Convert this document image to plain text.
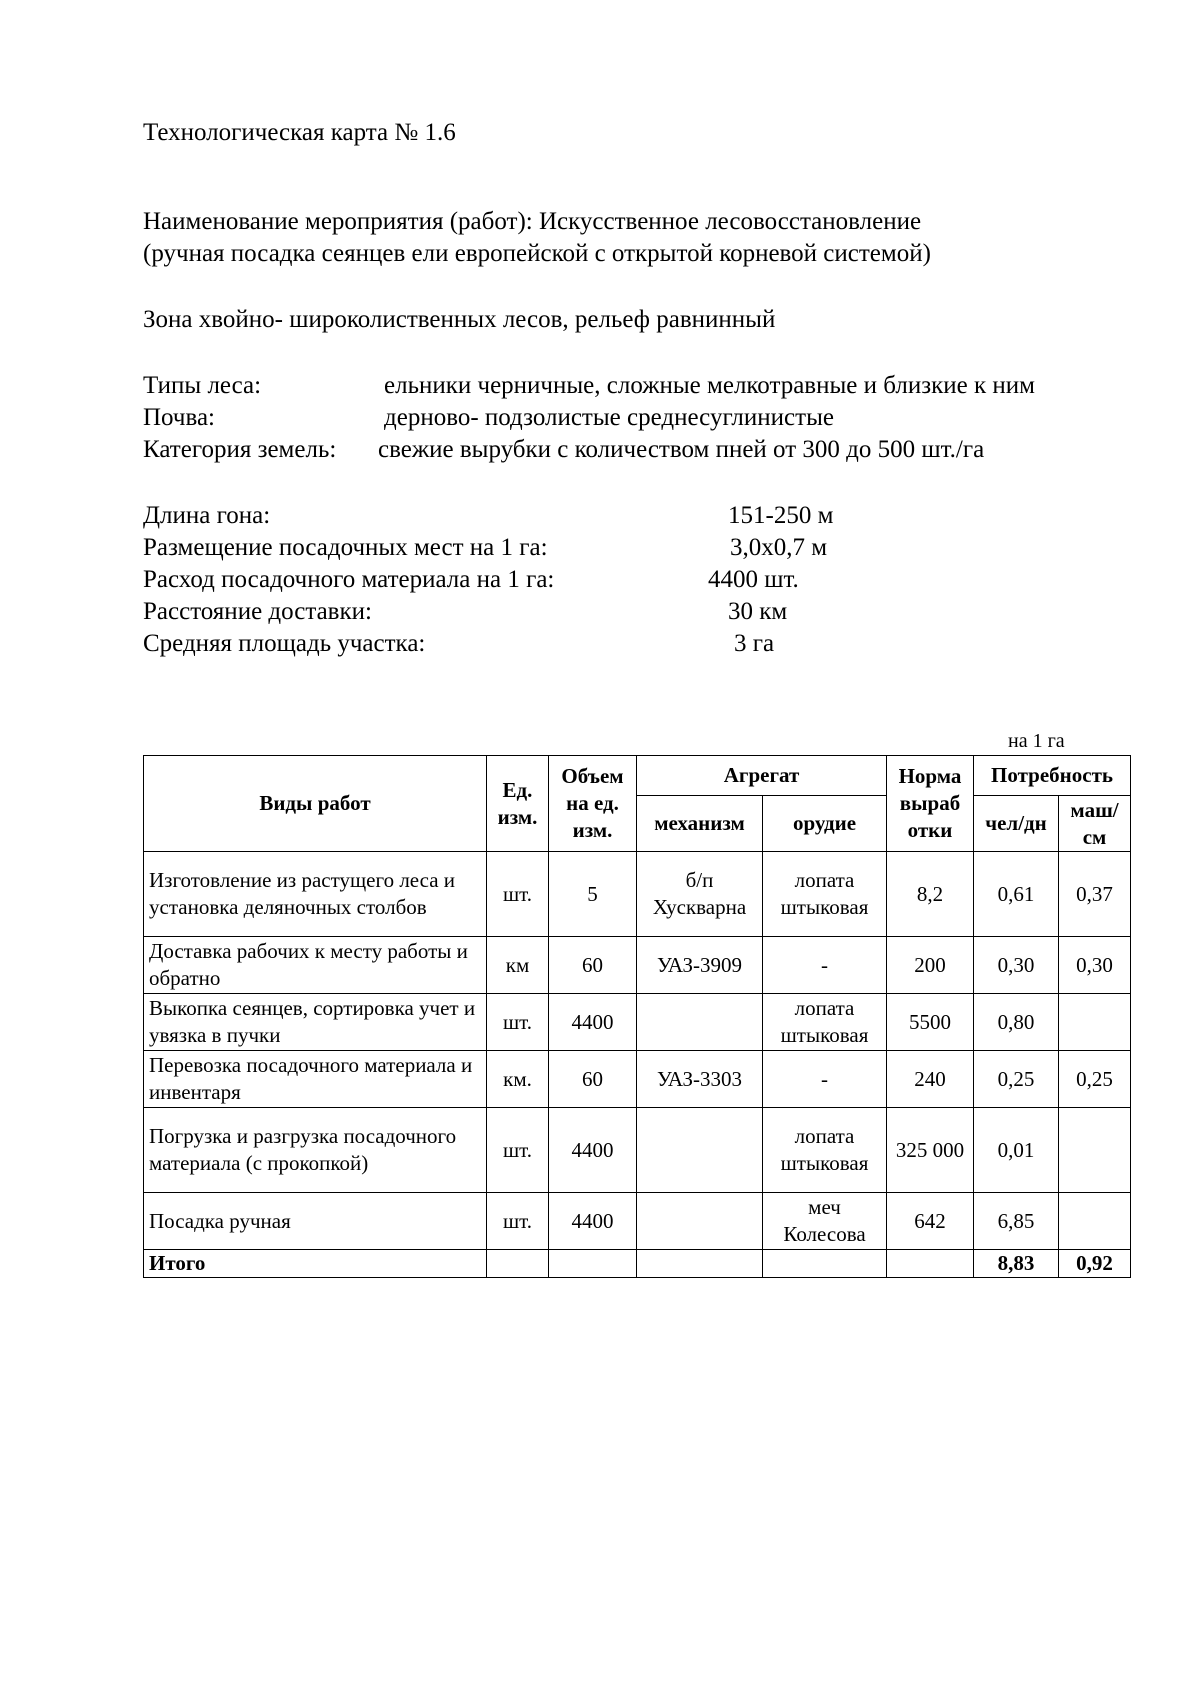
Технологическая карта № 1.6
Наименование мероприятия (работ): Искусственное лесовосстановление
(ручная посадка сеянцев ели европейской с открытой корневой системой)
Зона хвойно- широколиственных лесов, рельеф равнинный
Типы леса:	ельники черничные, сложные мелкотравные и близкие к ним
Почва:	дерново- подзолистые среднесуглинистые
Категория земель: свежие вырубки с количеством пней от 300 до 500 шт./га
Длина гона:	151-250 м
Размещение посадочных мест на 1 га:	3,0х0,7 м
Расход посадочного материала на 1 га:	4400 шт.
Расстояние доставки:	30 км
Средняя площадь участка:	3 га
на 1 га
Виды работ	Ед. изм.	Объем на ед. изм.	Агрегат		Норма выраб отки	Потребность	
			механизм	орудие		чел/дн	маш/ см
Изготовление из растущего леса и установка деляночных столбов	шт.	5	б/п Хускварна	лопата штыковая	8,2	0,61	0,37
Доставка рабочих к месту работы и обратно	км	60	УАЗ-3909	-	200	0,30	0,30
Выкопка сеянцев, сортировка учет и увязка в пучки	шт.	4400		лопата штыковая	5500	0,80	
Перевозка посадочного материала и инвентаря	км.	60	УАЗ-3303	-	240	0,25	0,25
Погрузка и разгрузка посадочного материала (с прокопкой)	шт.	4400		лопата штыковая	325 000	0,01	
Посадка ручная	шт.	4400		меч Колесова	642	6,85	
Итого						8,83	0,92
